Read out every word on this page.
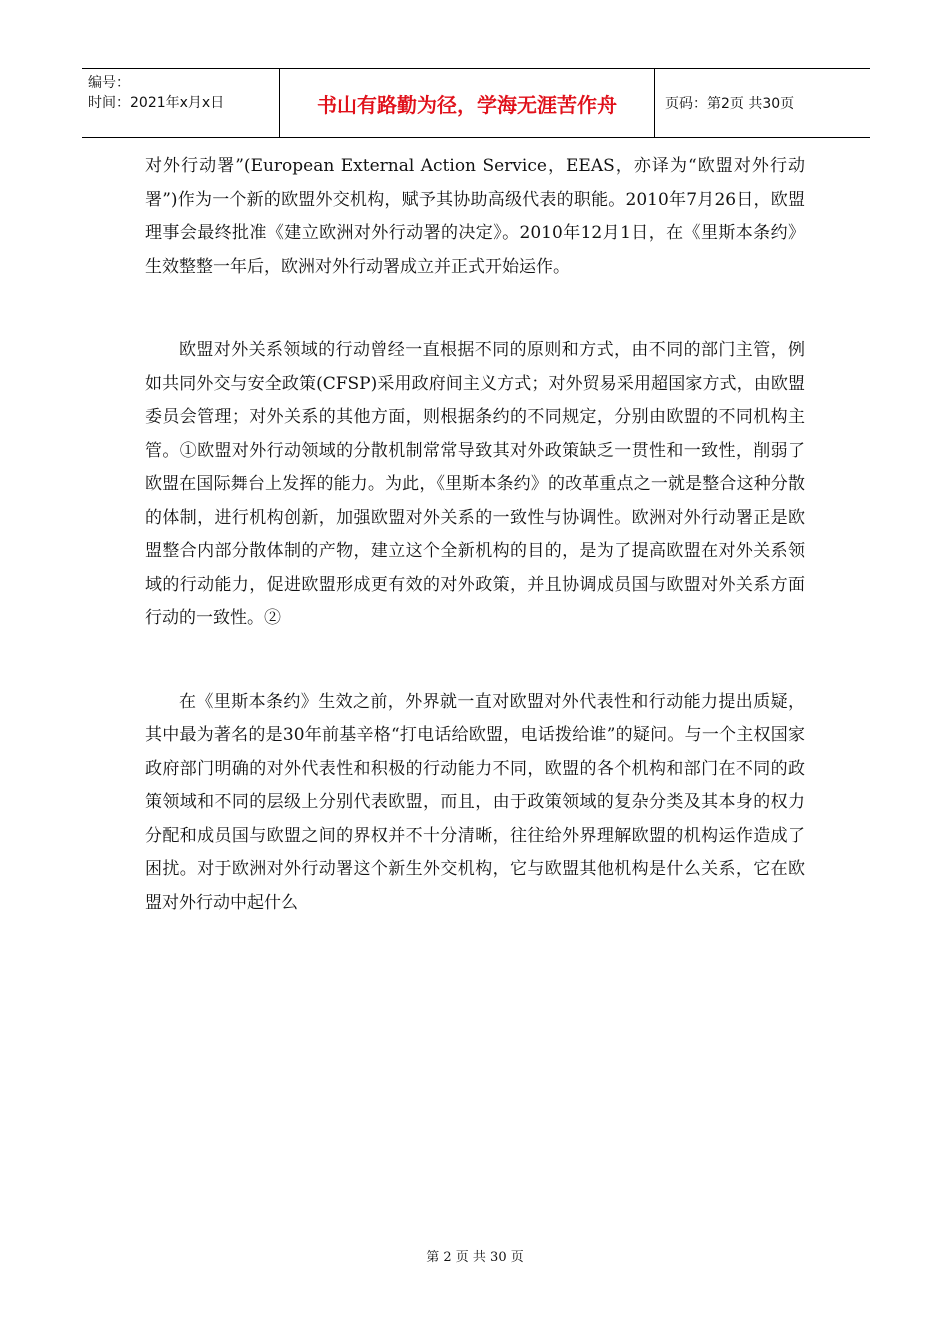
编号：
时间：2021年x月x日	书山有路勤为径，学海无涯苦作舟	页码：第2页 共30页

对外行动署”(European External Action Service，EEAS，亦译为“欧盟对外行动署”)作为一个新的欧盟外交机构，赋予其协助高级代表的职能。2010年7月26日，欧盟理事会最终批准《建立欧洲对外行动署的决定》。2010年12月1日，在《里斯本条约》生效整整一年后，欧洲对外行动署成立并正式开始运作。

欧盟对外关系领域的行动曾经一直根据不同的原则和方式，由不同的部门主管，例如共同外交与安全政策(CFSP)采用政府间主义方式；对外贸易采用超国家方式，由欧盟委员会管理；对外关系的其他方面，则根据条约的不同规定，分别由欧盟的不同机构主管。①欧盟对外行动领域的分散机制常常导致其对外政策缺乏一贯性和一致性，削弱了欧盟在国际舞台上发挥的能力。为此，《里斯本条约》的改革重点之一就是整合这种分散的体制，进行机构创新，加强欧盟对外关系的一致性与协调性。欧洲对外行动署正是欧盟整合内部分散体制的产物，建立这个全新机构的目的，是为了提高欧盟在对外关系领域的行动能力，促进欧盟形成更有效的对外政策，并且协调成员国与欧盟对外关系方面行动的一致性。②

在《里斯本条约》生效之前，外界就一直对欧盟对外代表性和行动能力提出质疑，其中最为著名的是30年前基辛格“打电话给欧盟，电话拨给谁”的疑问。与一个主权国家政府部门明确的对外代表性和积极的行动能力不同，欧盟的各个机构和部门在不同的政策领域和不同的层级上分别代表欧盟，而且，由于政策领域的复杂分类及其本身的权力分配和成员国与欧盟之间的界权并不十分清晰，往往给外界理解欧盟的机构运作造成了困扰。对于欧洲对外行动署这个新生外交机构，它与欧盟其他机构是什么关系，它在欧盟对外行动中起什么

第 2 页 共 30 页
